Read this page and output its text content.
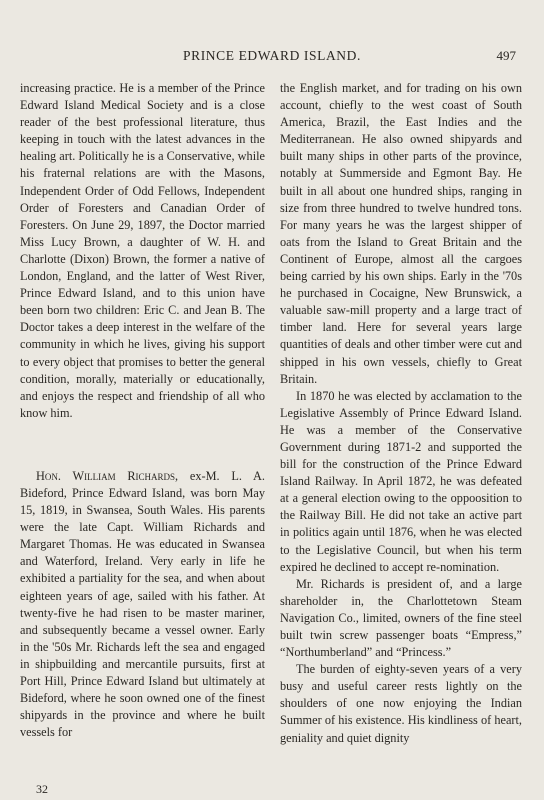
PRINCE EDWARD ISLAND.	497

increasing practice. He is a member of the Prince Edward Island Medical Society and is a close reader of the best professional literature, thus keeping in touch with the latest advances in the healing art. Politically he is a Conservative, while his fraternal relations are with the Masons, Independent Order of Odd Fellows, Independent Order of Foresters and Canadian Order of Foresters. On June 29, 1897, the Doctor married Miss Lucy Brown, a daughter of W. H. and Charlotte (Dixon) Brown, the former a native of London, England, and the latter of West River, Prince Edward Island, and to this union have been born two children: Eric C. and Jean B. The Doctor takes a deep interest in the welfare of the community in which he lives, giving his support to every object that promises to better the general condition, morally, materially or educationally, and enjoys the respect and friendship of all who know him.

Hon. William Richards, ex-M. L. A. Bideford, Prince Edward Island, was born May 15, 1819, in Swansea, South Wales. His parents were the late Capt. William Richards and Margaret Thomas. He was educated in Swansea and Waterford, Ireland. Very early in life he exhibited a partiality for the sea, and when about eighteen years of age, sailed with his father. At twenty-five he had risen to be master mariner, and subsequently became a vessel owner. Early in the '50s Mr. Richards left the sea and engaged in shipbuilding and mercantile pursuits, first at Port Hill, Prince Edward Island but ultimately at Bideford, where he soon owned one of the finest shipyards in the province and where he built vessels for

the English market, and for trading on his own account, chiefly to the west coast of South America, Brazil, the East Indies and the Mediterranean. He also owned shipyards and built many ships in other parts of the province, notably at Summerside and Egmont Bay. He built in all about one hundred ships, ranging in size from three hundred to twelve hundred tons. For many years he was the largest shipper of oats from the Island to Great Britain and the Continent of Europe, almost all the cargoes being carried by his own ships. Early in the '70s he purchased in Cocaigne, New Brunswick, a valuable saw-mill property and a large tract of timber land. Here for several years large quantities of deals and other timber were cut and shipped in his own vessels, chiefly to Great Britain.

In 1870 he was elected by acclamation to the Legislative Assembly of Prince Edward Island. He was a member of the Conservative Government during 1871-2 and supported the bill for the construction of the Prince Edward Island Railway. In April 1872, he was defeated at a general election owing to the oppoosition to the Railway Bill. He did not take an active part in politics again until 1876, when he was elected to the Legislative Council, but when his term expired he declined to accept re-nomination.

Mr. Richards is president of, and a large shareholder in, the Charlottetown Steam Navigation Co., limited, owners of the fine steel built twin screw passenger boats “Empress,” “Northumberland” and “Princess.”

The burden of eighty-seven years of a very busy and useful career rests lightly on the shoulders of one now enjoying the Indian Summer of his existence. His kindliness of heart, geniality and quiet dignity

32
